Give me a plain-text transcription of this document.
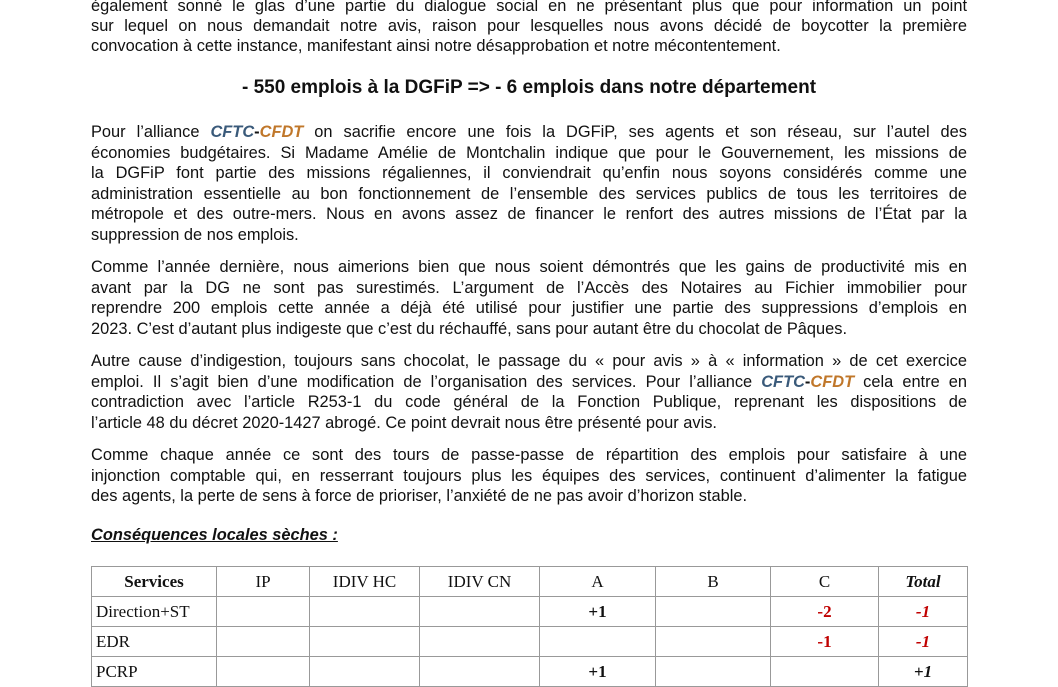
également sonné le glas d’une partie du dialogue social en ne présentant plus que pour information un point
sur lequel on nous demandait notre avis, raison pour lesquelles nous avons décidé de boycotter la première
convocation à cette instance, manifestant ainsi notre désapprobation et notre mécontentement.
- 550 emplois à la DGFiP => - 6 emplois dans notre département
Pour l’alliance CFTC-CFDT on sacrifie encore une fois la DGFiP, ses agents et son réseau, sur l’autel des
économies budgétaires. Si Madame Amélie de Montchalin indique que pour le Gouvernement, les missions de
la DGFiP font partie des missions régaliennes, il conviendrait qu’enfin nous soyons considérés comme une
administration essentielle au bon fonctionnement de l’ensemble des services publics de tous les territoires de
métropole et des outre-mers. Nous en avons assez de financer le renfort des autres missions de l’État par la
suppression de nos emplois.
Comme l’année dernière, nous aimerions bien que nous soient démontrés que les gains de productivité mis en
avant par la DG ne sont pas surestimés. L’argument de l’Accès des Notaires au Fichier immobilier pour
reprendre 200 emplois cette année a déjà été utilisé pour justifier une partie des suppressions d’emplois en
2023. C’est d’autant plus indigeste que c’est du réchauffé, sans pour autant être du chocolat de Pâques.
Autre cause d’indigestion, toujours sans chocolat, le passage du « pour avis » à « information » de cet exercice
emploi. Il s’agit bien d’une modification de l’organisation des services. Pour l’alliance CFTC-CFDT cela entre en
contradiction avec l’article R253-1 du code général de la Fonction Publique, reprenant les dispositions de
l’article 48 du décret 2020-1427 abrogé. Ce point devrait nous être présenté pour avis.
Comme chaque année ce sont des tours de passe-passe de répartition des emplois pour satisfaire à une
injonction comptable qui, en resserrant toujours plus les équipes des services, continuent d’alimenter la fatigue
des agents, la perte de sens à force de prioriser, l’anxiété de ne pas avoir d’horizon stable.
Conséquences locales sèches :
Services	IP	IDIV HC	IDIV CN	A	B	C	Total
Direction+ST				+1		-2	-1
EDR						-1	-1
PCRP				+1			+1
